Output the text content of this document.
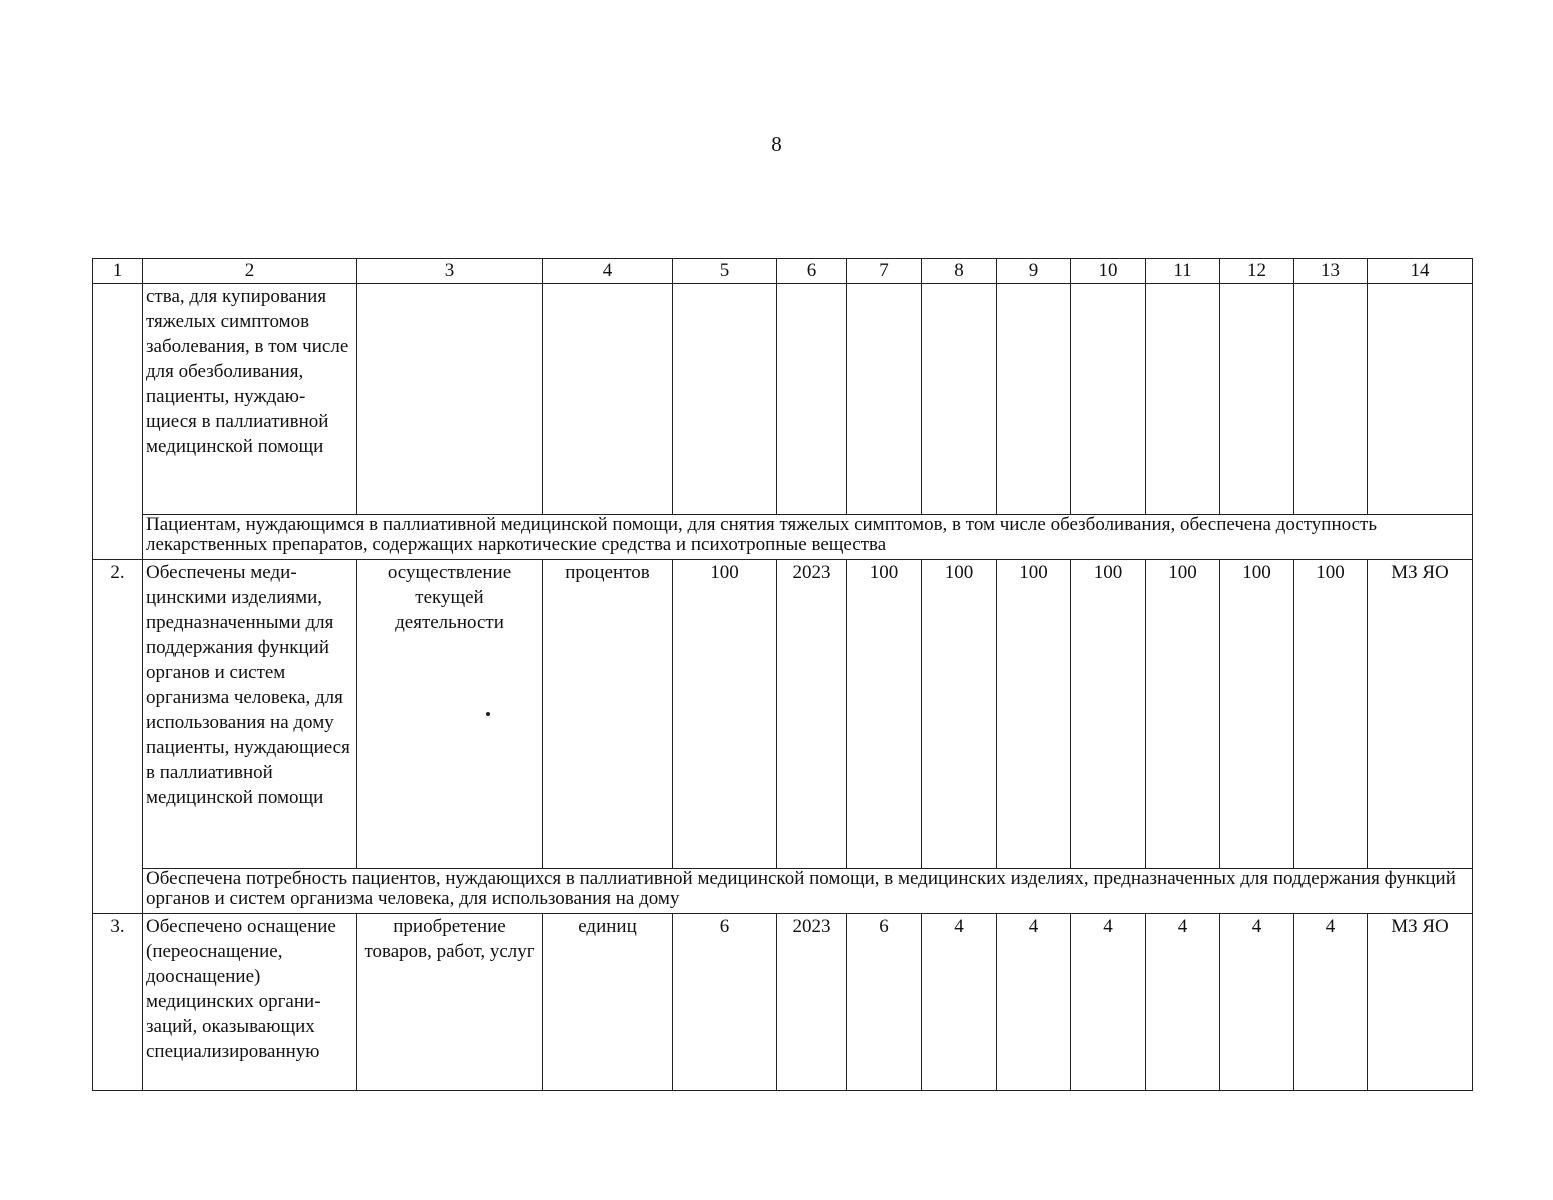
8
1	2	3	4	5	6	7	8	9	10	11	12	13	14
	ства, для купирования тяжелых симптомов заболевания, в том числе для обезболивания, пациенты, нуждаю-щиеся в паллиативной медицинской помощи												
	Пациентам, нуждающимся в паллиативной медицинской помощи, для снятия тяжелых симптомов, в том числе обезболивания, обеспечена доступность лекарственных препаратов, содержащих наркотические средства и психотропные вещества												
2.	Обеспечены меди-цинскими изделиями, предназначенными для поддержания функций органов и систем организма человека, для использования на дому пациенты, нуждающиеся в паллиативной медицинской помощи	осуществление текущей деятельности	процентов	100	2023	100	100	100	100	100	100	100	МЗ ЯО
	Обеспечена потребность пациентов, нуждающихся в паллиативной медицинской помощи, в медицинских изделиях, предназначенных для поддержания функций органов и систем организма человека, для использования на дому												
3.	Обеспечено оснащение (переоснащение, дооснащение) медицинских органи-заций, оказывающих специализированную	приобретение товаров, работ, услуг	единиц	6	2023	6	4	4	4	4	4	4	МЗ ЯО
